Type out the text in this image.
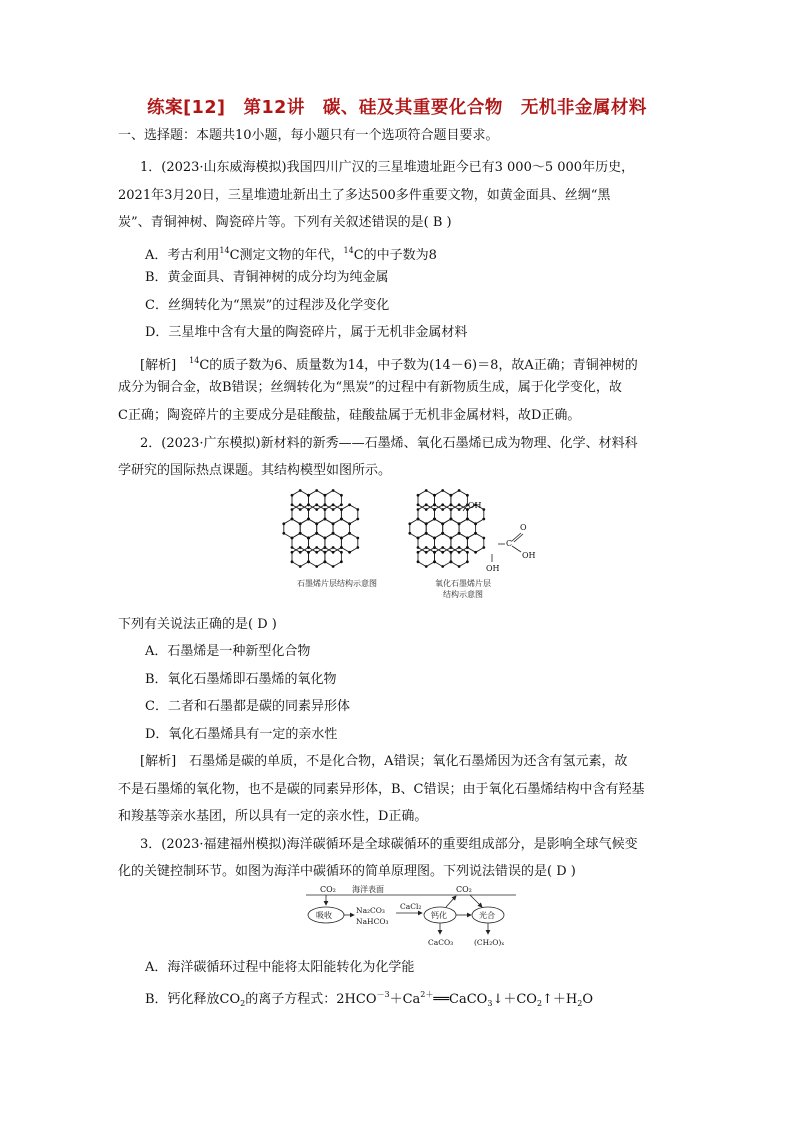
练案[12]　第12讲　碳、硅及其重要化合物　无机非金属材料
一、选择题：本题共10小题，每小题只有一个选项符合题目要求。
1．(2023·山东威海模拟)我国四川广汉的三星堆遗址距今已有3 000～5 000年历史，
2021年3月20日，三星堆遗址新出土了多达500多件重要文物，如黄金面具、丝绸“黑
炭”、青铜神树、陶瓷碎片等。下列有关叙述错误的是( B )
A．考古利用$^{14}$C测定文物的年代，$^{14}$C的中子数为8
B．黄金面具、青铜神树的成分均为纯金属
C．丝绸转化为“黑炭”的过程涉及化学变化
D．三星堆中含有大量的陶瓷碎片，属于无机非金属材料
[解析]　 $^{14}$C的质子数为6、质量数为14，中子数为(14－6)＝8，故A正确；青铜神树的
成分为铜合金，故B错误；丝绸转化为“黑炭”的过程中有新物质生成，属于化学变化，故
C正确；陶瓷碎片的主要成分是硅酸盐，硅酸盐属于无机非金属材料，故D正确。
2．(2023·广东模拟)新材料的新秀——石墨烯、氧化石墨烯已成为物理、化学、材料科
学研究的国际热点课题。其结构模型如图所示。
石墨烯片层结构示意图
OH
O
C
OH
OH
氧化石墨烯片层
结构示意图
下列有关说法正确的是( D )
A．石墨烯是一种新型化合物
B．氧化石墨烯即石墨烯的氧化物
C．二者和石墨都是碳的同素异形体
D．氧化石墨烯具有一定的亲水性
[解析]　石墨烯是碳的单质，不是化合物，A错误；氧化石墨烯因为还含有氢元素，故
不是石墨烯的氧化物，也不是碳的同素异形体，B、C错误；由于氧化石墨烯结构中含有羟基
和羧基等亲水基团，所以具有一定的亲水性，D正确。
3．(2023·福建福州模拟)海洋碳循环是全球碳循环的重要组成部分，是影响全球气候变
化的关键控制环节。如图为海洋中碳循环的简单原理图。下列说法错误的是( D )
CO₂ 海洋表面
吸收
Na₂CO₃
NaHCO₃
CaCl₂
钙化
CO₂
光合
CaCO₃	(CH₂O)ₓ
A．海洋碳循环过程中能将太阳能转化为化学能
B．钙化释放$CO_2$的离子方程式：$2HCO^{-3}+Ca^{2+}══CaCO_3↓+CO_2↑+H_2O$
